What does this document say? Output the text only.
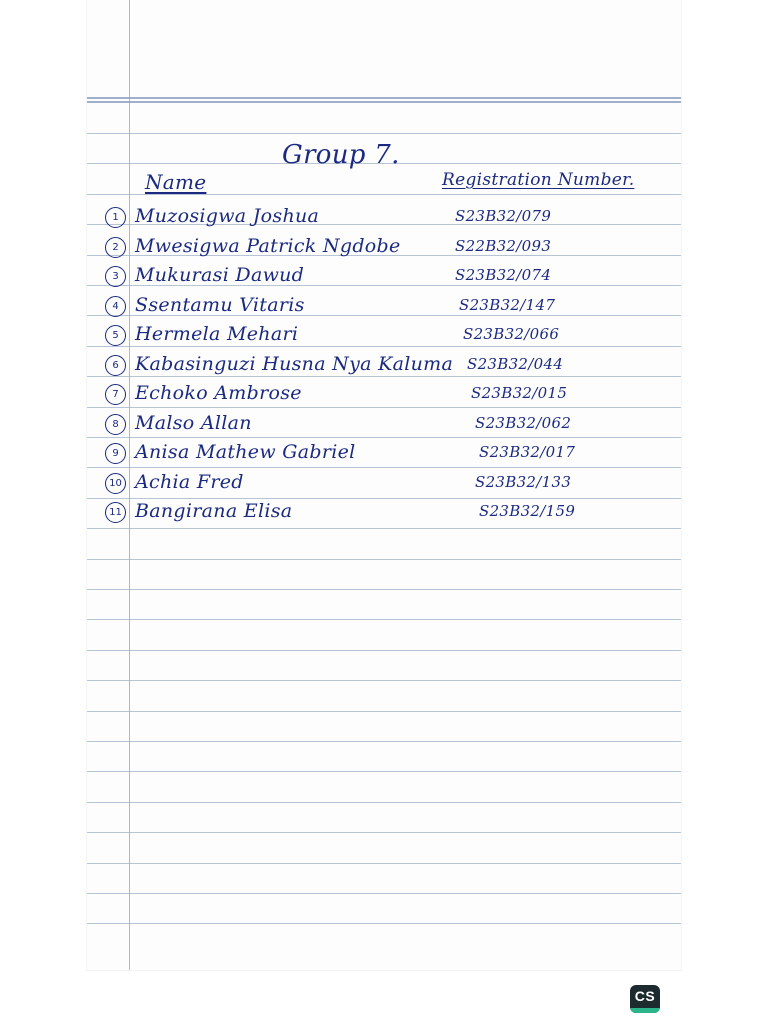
Group 7.
Name	Registration Number.
1 Muzosigwa Joshua	S23B32/079
2 Mwesigwa Patrick Ngdobe	S22B32/093
3 Mukurasi Dawud	S23B32/074
4 Ssentamu Vitaris	S23B32/147
5 Hermela Mehari	S23B32/066
6 Kabasinguzi Husna Nya Kaluma S23B32/044
7 Echoko Ambrose	S23B32/015
8 Malso Allan	S23B32/062
9 Anisa Mathew Gabriel	S23B32/017
10 Achia Fred	S23B32/133
11 Bangirana Elisa	S23B32/159
CS
